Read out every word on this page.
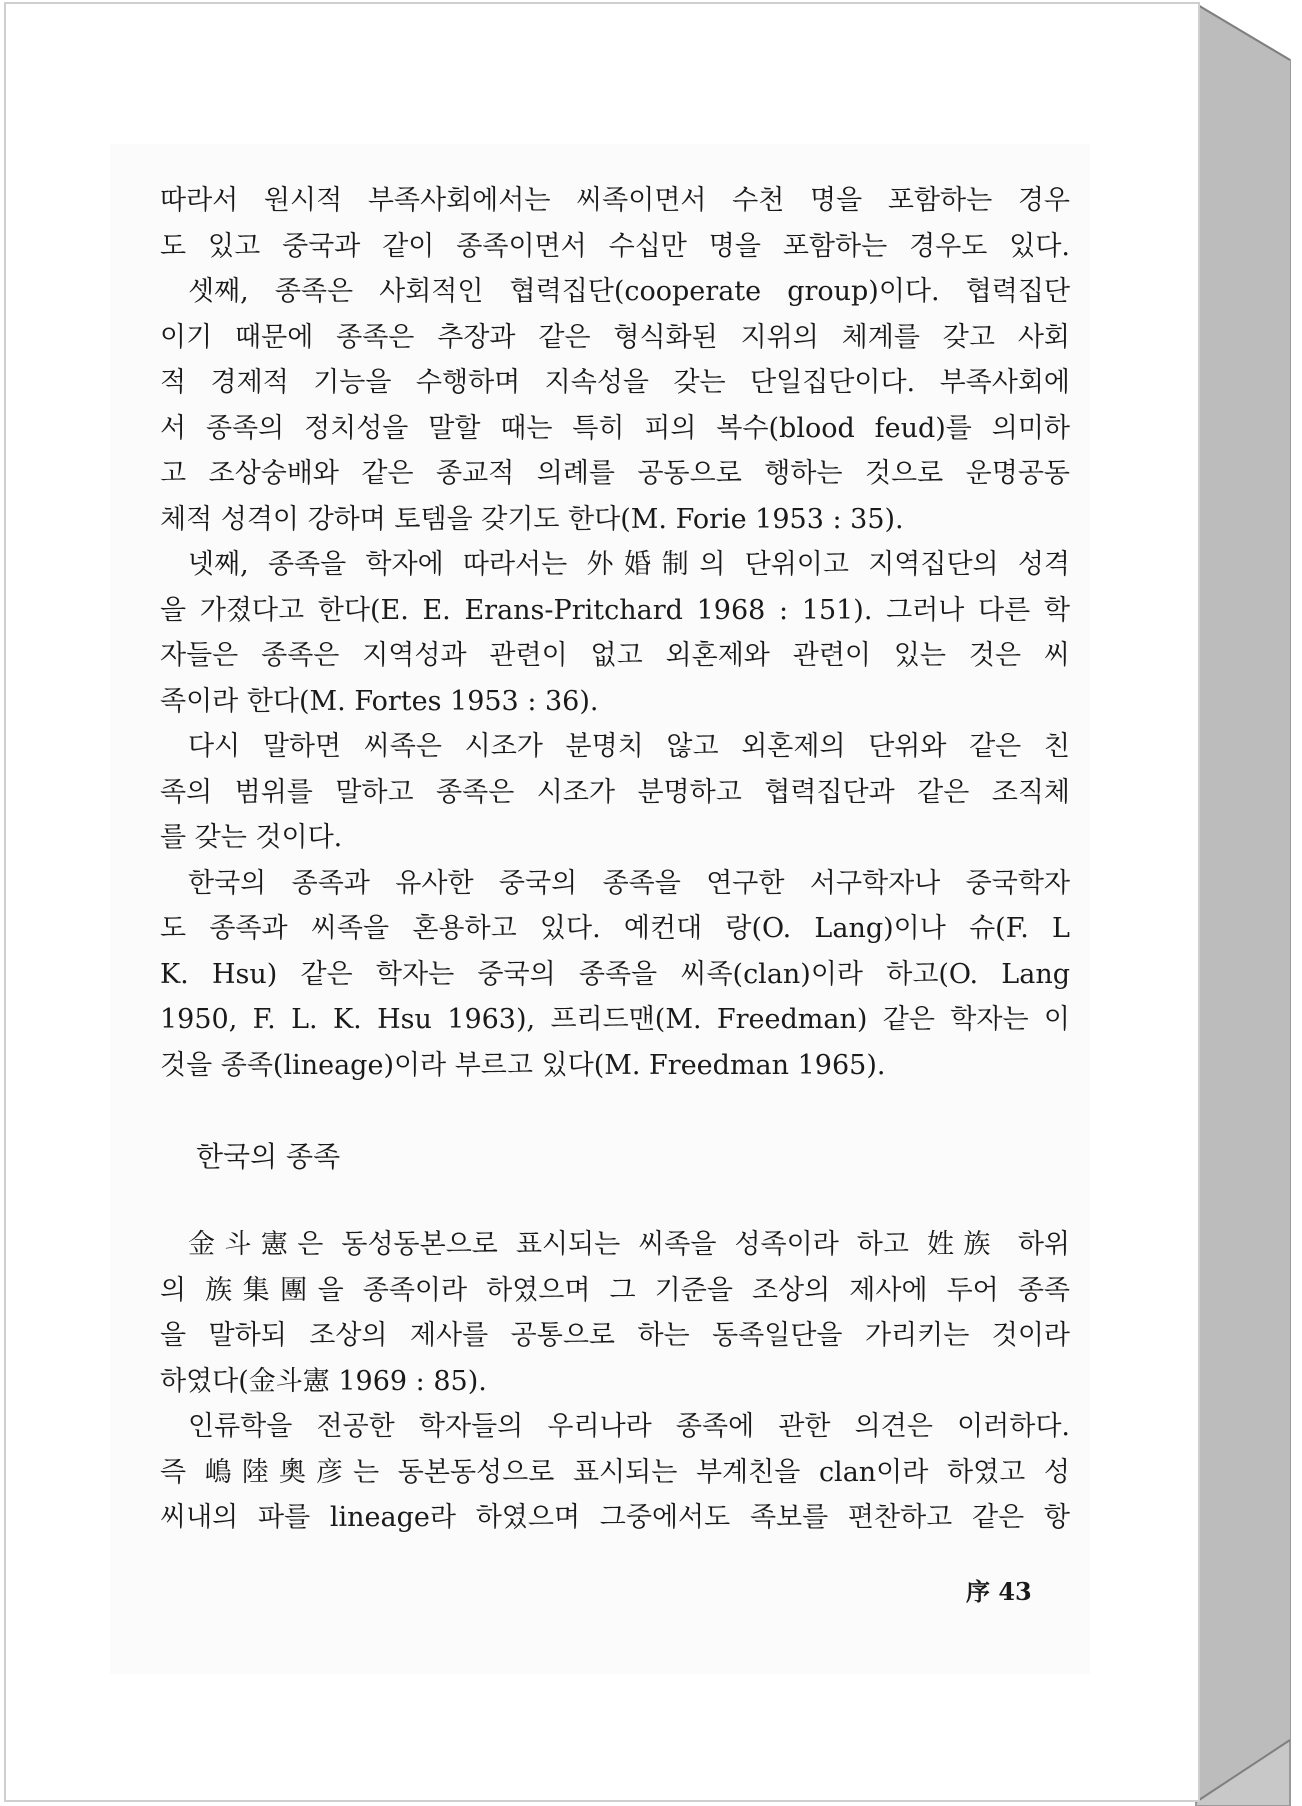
따라서 원시적 부족사회에서는 씨족이면서 수천 명을 포함하는 경우
도 있고 중국과 같이 종족이면서 수십만 명을 포함하는 경우도 있다.
셋째, 종족은 사회적인 협력집단(cooperate group)이다. 협력집단
이기 때문에 종족은 추장과 같은 형식화된 지위의 체계를 갖고 사회
적 경제적 기능을 수행하며 지속성을 갖는 단일집단이다. 부족사회에
서 종족의 정치성을 말할 때는 특히 피의 복수(blood feud)를 의미하
고 조상숭배와 같은 종교적 의례를 공동으로 행하는 것으로 운명공동
체적 성격이 강하며 토템을 갖기도 한다(M. Forie 1953 : 35).
넷째, 종족을 학자에 따라서는 外婚制의 단위이고 지역집단의 성격
을 가졌다고 한다(E. E. Erans-Pritchard 1968 : 151). 그러나 다른 학
자들은 종족은 지역성과 관련이 없고 외혼제와 관련이 있는 것은 씨
족이라 한다(M. Fortes 1953 : 36).
다시 말하면 씨족은 시조가 분명치 않고 외혼제의 단위와 같은 친
족의 범위를 말하고 종족은 시조가 분명하고 협력집단과 같은 조직체
를 갖는 것이다.
한국의 종족과 유사한 중국의 종족을 연구한 서구학자나 중국학자
도 종족과 씨족을 혼용하고 있다. 예컨대 랑(O. Lang)이나 슈(F. L
K. Hsu) 같은 학자는 중국의 종족을 씨족(clan)이라 하고(O. Lang
1950, F. L. K. Hsu 1963), 프리드맨(M. Freedman) 같은 학자는 이
것을 종족(lineage)이라 부르고 있다(M. Freedman 1965).
한국의 종족
金斗憲은 동성동본으로 표시되는 씨족을 성족이라 하고 姓族 하위
의 族集團을 종족이라 하였으며 그 기준을 조상의 제사에 두어 종족
을 말하되 조상의 제사를 공통으로 하는 동족일단을 가리키는 것이라
하였다(金斗憲 1969 : 85).
인류학을 전공한 학자들의 우리나라 종족에 관한 의견은 이러하다.
즉 嶋陸奧彦는 동본동성으로 표시되는 부계친을 clan이라 하였고 성
씨내의 파를 lineage라 하였으며 그중에서도 족보를 편찬하고 같은 항
序 43
